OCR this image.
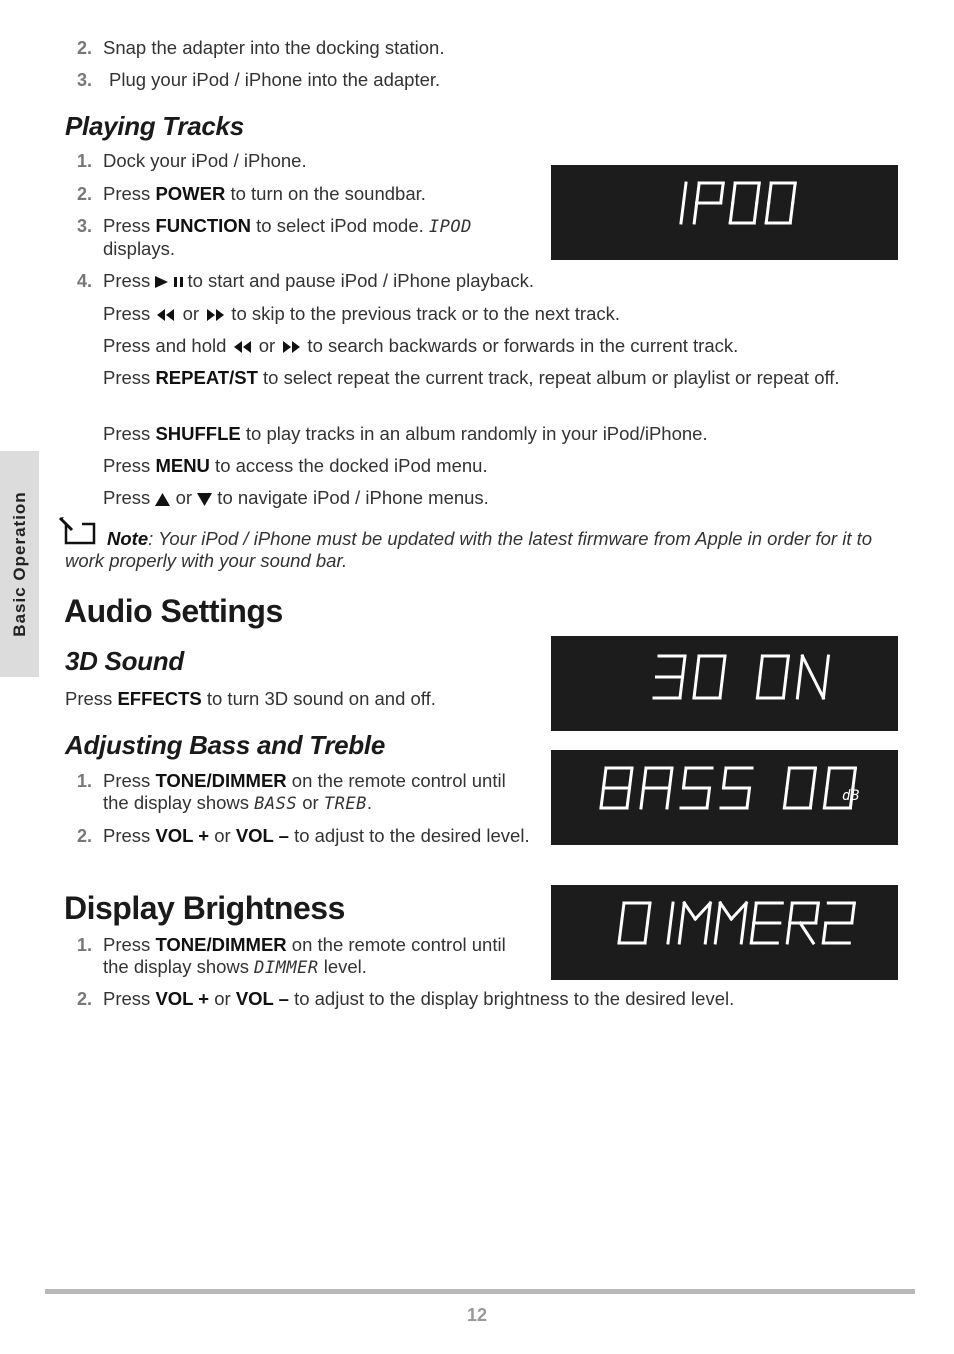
2. Snap the adapter into the docking station.
3. Plug your iPod / iPhone into the adapter.
Playing Tracks
1. Dock your iPod / iPhone.
2. Press POWER to turn on the soundbar.
3. Press FUNCTION to select iPod mode. IPOD
displays.
4. Press to start and pause iPod / iPhone playback.
Press  or  to skip to the previous track or to the next track.
Press and hold  or  to search backwards or forwards in the current track.
Press REPEAT/ST to select repeat the current track, repeat album or playlist or repeat off.
Press SHUFFLE to play tracks in an album randomly in your iPod/iPhone.
Press MENU to access the docked iPod menu.
Press  or  to navigate iPod / iPhone menus.
Note: Your iPod / iPhone must be updated with the latest firmware from Apple in order for it to work properly with your sound bar.
Audio Settings
3D Sound
Press EFFECTS to turn 3D sound on and off.
Adjusting Bass and Treble
1. Press TONE/DIMMER on the remote control until the display shows BASS or TREB.
2. Press VOL + or VOL – to adjust to the desired level.
Display Brightness
1. Press TONE/DIMMER on the remote control until the display shows DIMMER level.
2. Press VOL + or VOL – to adjust to the display brightness to the desired level.
dB
Basic Operation
12
